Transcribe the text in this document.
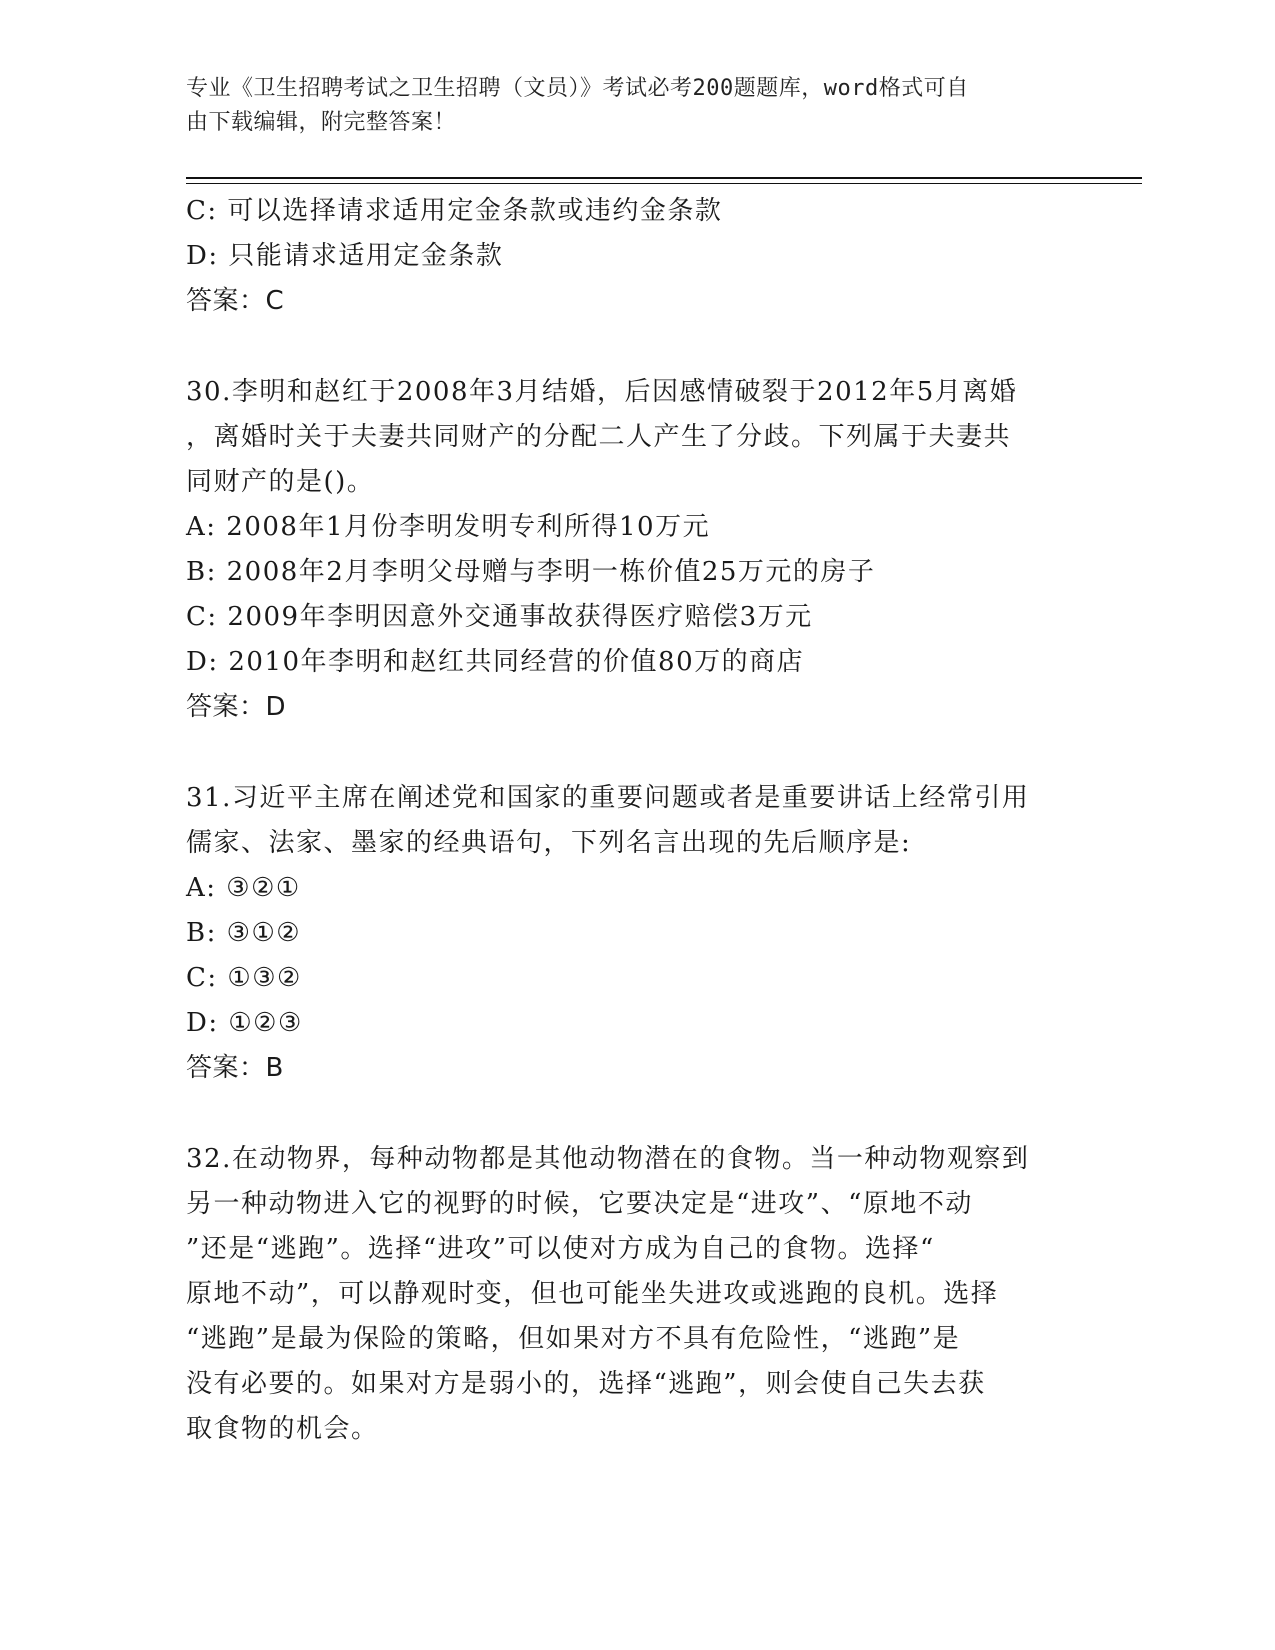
专业《卫生招聘考试之卫生招聘（文员）》考试必考200题题库，word格式可自
由下载编辑，附完整答案！
C: 可以选择请求适用定金条款或违约金条款
D: 只能请求适用定金条款
答案：C
30.李明和赵红于2008年3月结婚，后因感情破裂于2012年5月离婚
，离婚时关于夫妻共同财产的分配二人产生了分歧。下列属于夫妻共
同财产的是()。
A: 2008年1月份李明发明专利所得10万元
B: 2008年2月李明父母赠与李明一栋价值25万元的房子
C: 2009年李明因意外交通事故获得医疗赔偿3万元
D: 2010年李明和赵红共同经营的价值80万的商店
答案：D
31.习近平主席在阐述党和国家的重要问题或者是重要讲话上经常引用
儒家、法家、墨家的经典语句，下列名言出现的先后顺序是:
A: ③②①
B: ③①②
C: ①③②
D: ①②③
答案：B
32.在动物界，每种动物都是其他动物潜在的食物。当一种动物观察到
另一种动物进入它的视野的时候，它要决定是“进攻”、“原地不动
”还是“逃跑”。选择“进攻”可以使对方成为自己的食物。选择“
原地不动”，可以静观时变，但也可能坐失进攻或逃跑的良机。选择
“逃跑”是最为保险的策略，但如果对方不具有危险性，“逃跑”是
没有必要的。如果对方是弱小的，选择“逃跑”，则会使自己失去获
取食物的机会。
